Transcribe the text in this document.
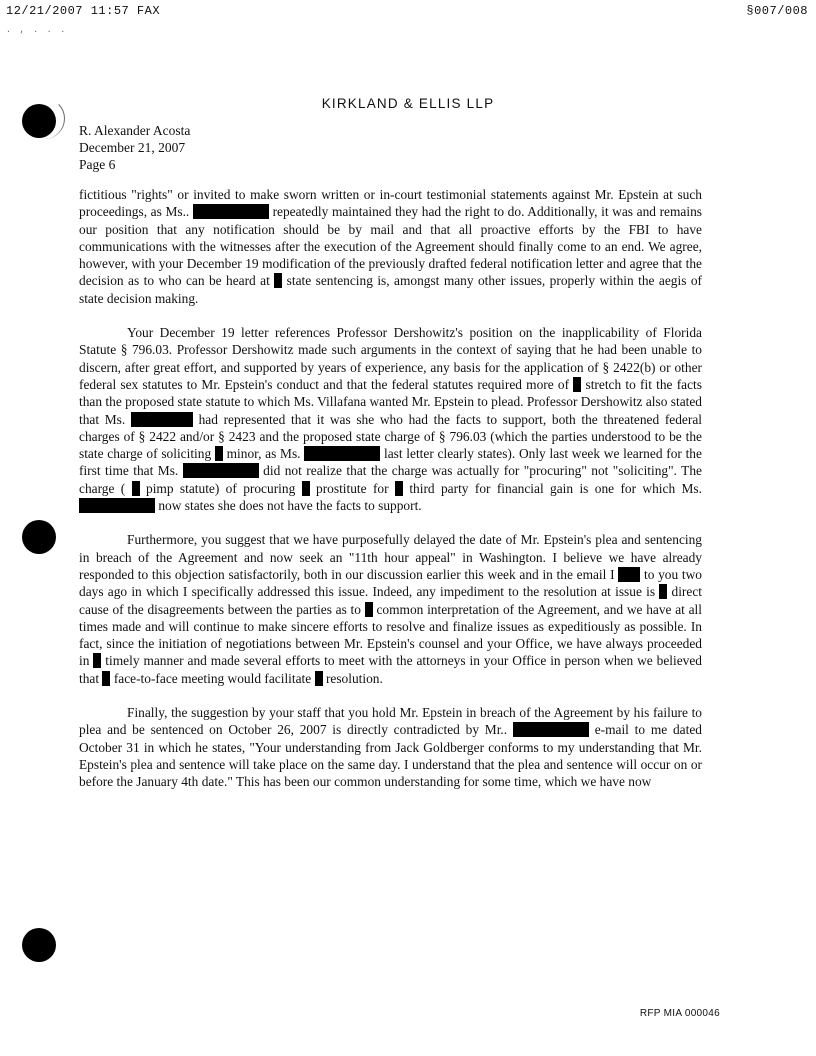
12/21/2007 11:57 FAX	§007/008
. , . . .
KIRKLAND & ELLIS LLP
R. Alexander Acosta
December 21, 2007
Page 6

fictitious "rights" or invited to make sworn written or in-court testimonial statements against Mr. Epstein at such proceedings, as Ms..	repeatedly maintained they had the right to do. Additionally, it was and remains our position that any notification should be by mail and that all proactive efforts by the FBI to have communications with the witnesses after the execution of the Agreement should finally come to an end. We agree, however, with your December 19 modification of the previously drafted federal notification letter and agree that the decision as to who can be heard at state sentencing is, amongst many other issues, properly within the aegis of state decision making.

Your December 19 letter references Professor Dershowitz's position on the inapplicability of Florida Statute § 796.03. Professor Dershowitz made such arguments in the context of saying that he had been unable to discern, after great effort, and supported by years of experience, any basis for the application of § 2422(b) or other federal sex statutes to Mr. Epstein's conduct and that the federal statutes required more of stretch to fit the facts than the proposed state statute to which Ms. Villafana wanted Mr. Epstein to plead. Professor Dershowitz also stated that Ms.	had represented that it was she who had the facts to support, both the threatened federal charges of § 2422 and/or § 2423 and the proposed state charge of § 796.03 (which the parties understood to be the state charge of soliciting minor, as Ms.	last letter clearly states). Only last week we learned for the first time that Ms.	did not realize that the charge was actually for "procuring" not "soliciting". The charge ( pimp statute) of procuring prostitute for third party for financial gain is one for which Ms.  now states she does not have the facts to support.

Furthermore, you suggest that we have purposefully delayed the date of Mr. Epstein's plea and sentencing in breach of the Agreement and now seek an "11th hour appeal" in Washington. I believe we have already responded to this objection satisfactorily, both in our discussion earlier this week and in the email I to you two days ago in which I specifically addressed this issue. Indeed, any impediment to the resolution at issue is direct cause of the disagreements between the parties as to common interpretation of the Agreement, and we have at all times made and will continue to make sincere efforts to resolve and finalize issues as expeditiously as possible. In fact, since the initiation of negotiations between Mr. Epstein's counsel and your Office, we have always proceeded in timely manner and made several efforts to meet with the attorneys in your Office in person when we believed that face-to-face meeting would facilitate resolution.

Finally, the suggestion by your staff that you hold Mr. Epstein in breach of the Agreement by his failure to plea and be sentenced on October 26, 2007 is directly contradicted by Mr..	e-mail to me dated October 31 in which he states, "Your understanding from Jack Goldberger conforms to my understanding that Mr. Epstein's plea and sentence will take place on the same day. I understand that the plea and sentence will occur on or before the January 4th date." This has been our common understanding for some time, which we have now

RFP MIA 000046
